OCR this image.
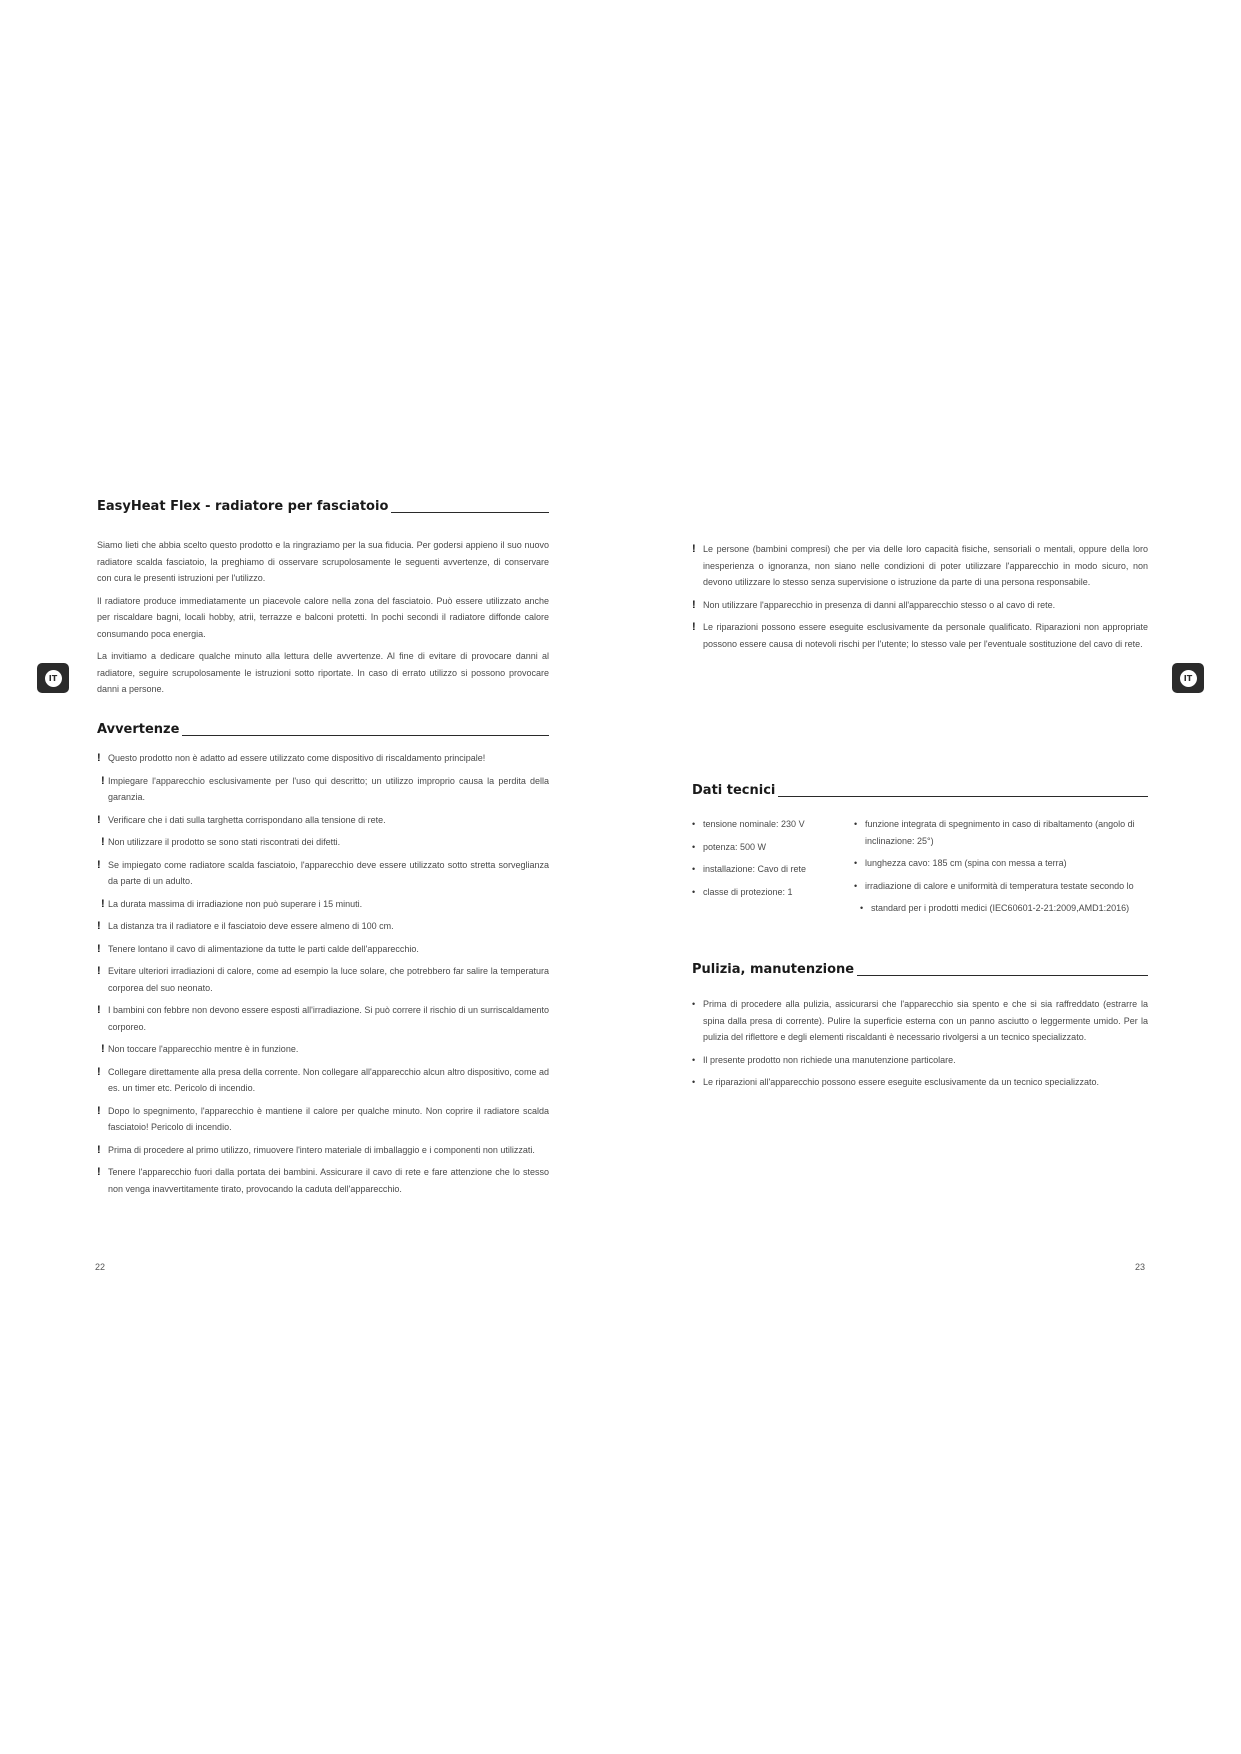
IT	IT
EasyHeat Flex - radiatore per fasciatoio

Siamo lieti che abbia scelto questo prodotto e la ringraziamo per la sua fiducia. Per godersi appieno il suo nuovo radiatore scalda fasciatoio, la preghiamo di osservare scrupolosamente le seguenti avvertenze, di conservare con cura le presenti istruzioni per l'utilizzo.

Il radiatore produce immediatamente un piacevole calore nella zona del fasciatoio. Può essere utilizzato anche per riscaldare bagni, locali hobby, atrii, terrazze e balconi protetti. In pochi secondi il radiatore diffonde calore consumando poca energia.

La invitiamo a dedicare qualche minuto alla lettura delle avvertenze. Al fine di evitare di provocare danni al radiatore, seguire scrupolosamente le istruzioni sotto riportate. In caso di errato utilizzo si possono provocare danni a persone.

Avvertenze
! Questo prodotto non è adatto ad essere utilizzato come dispositivo di riscaldamento principale!
! Impiegare l'apparecchio esclusivamente per l'uso qui descritto; un utilizzo improprio causa la perdita della garanzia.
! Verificare che i dati sulla targhetta corrispondano alla tensione di rete.
! Non utilizzare il prodotto se sono stati riscontrati dei difetti.
! Se impiegato come radiatore scalda fasciatoio, l'apparecchio deve essere utilizzato sotto stretta sorveglianza da parte di un adulto.
! La durata massima di irradiazione non può superare i 15 minuti.
! La distanza tra il radiatore e il fasciatoio deve essere almeno di 100 cm.
! Tenere lontano il cavo di alimentazione da tutte le parti calde dell'apparecchio.
! Evitare ulteriori irradiazioni di calore, come ad esempio la luce solare, che potrebbero far salire la temperatura corporea del suo neonato.
! I bambini con febbre non devono essere esposti all'irradiazione. Si può correre il rischio di un surriscaldamento corporeo.
! Non toccare l'apparecchio mentre è in funzione.
! Collegare direttamente alla presa della corrente. Non collegare all'apparecchio alcun altro dispositivo, come ad es. un timer etc. Pericolo di incendio.
! Dopo lo spegnimento, l'apparecchio è mantiene il calore per qualche minuto. Non coprire il radiatore scalda fasciatoio! Pericolo di incendio.
! Prima di procedere al primo utilizzo, rimuovere l'intero materiale di imballaggio e i componenti non utilizzati.
! Tenere l'apparecchio fuori dalla portata dei bambini. Assicurare il cavo di rete e fare attenzione che lo stesso non venga inavvertitamente tirato, provocando la caduta dell'apparecchio.
22
! Le persone (bambini compresi) che per via delle loro capacità fisiche, sensoriali o mentali, oppure della loro inesperienza o ignoranza, non siano nelle condizioni di poter utilizzare l'apparecchio in modo sicuro, non devono utilizzare lo stesso senza supervisione o istruzione da parte di una persona responsabile.
! Non utilizzare l'apparecchio in presenza di danni all'apparecchio stesso o al cavo di rete.
! Le riparazioni possono essere eseguite esclusivamente da personale qualificato. Riparazioni non appropriate possono essere causa di notevoli rischi per l'utente; lo stesso vale per l'eventuale sostituzione del cavo di rete.
Dati tecnici
• tensione nominale: 230 V
• potenza: 500 W
• installazione: Cavo di rete
• classe di protezione: 1
• funzione integrata di spegnimento in caso di ribaltamento (angolo di inclinazione: 25°)
• lunghezza cavo: 185 cm (spina con messa a terra)
• irradiazione di calore e uniformità di temperatura testate secondo lo
• standard per i prodotti medici (IEC60601-2-21:2009,AMD1:2016)
Pulizia, manutenzione
• Prima di procedere alla pulizia, assicurarsi che l'apparecchio sia spento e che si sia raffreddato (estrarre la spina dalla presa di corrente). Pulire la superficie esterna con un panno asciutto o leggermente umido. Per la pulizia del riflettore e degli elementi riscaldanti è necessario rivolgersi a un tecnico specializzato.
• Il presente prodotto non richiede una manutenzione particolare.
• Le riparazioni all'apparecchio possono essere eseguite esclusivamente da un tecnico specializzato.
23
